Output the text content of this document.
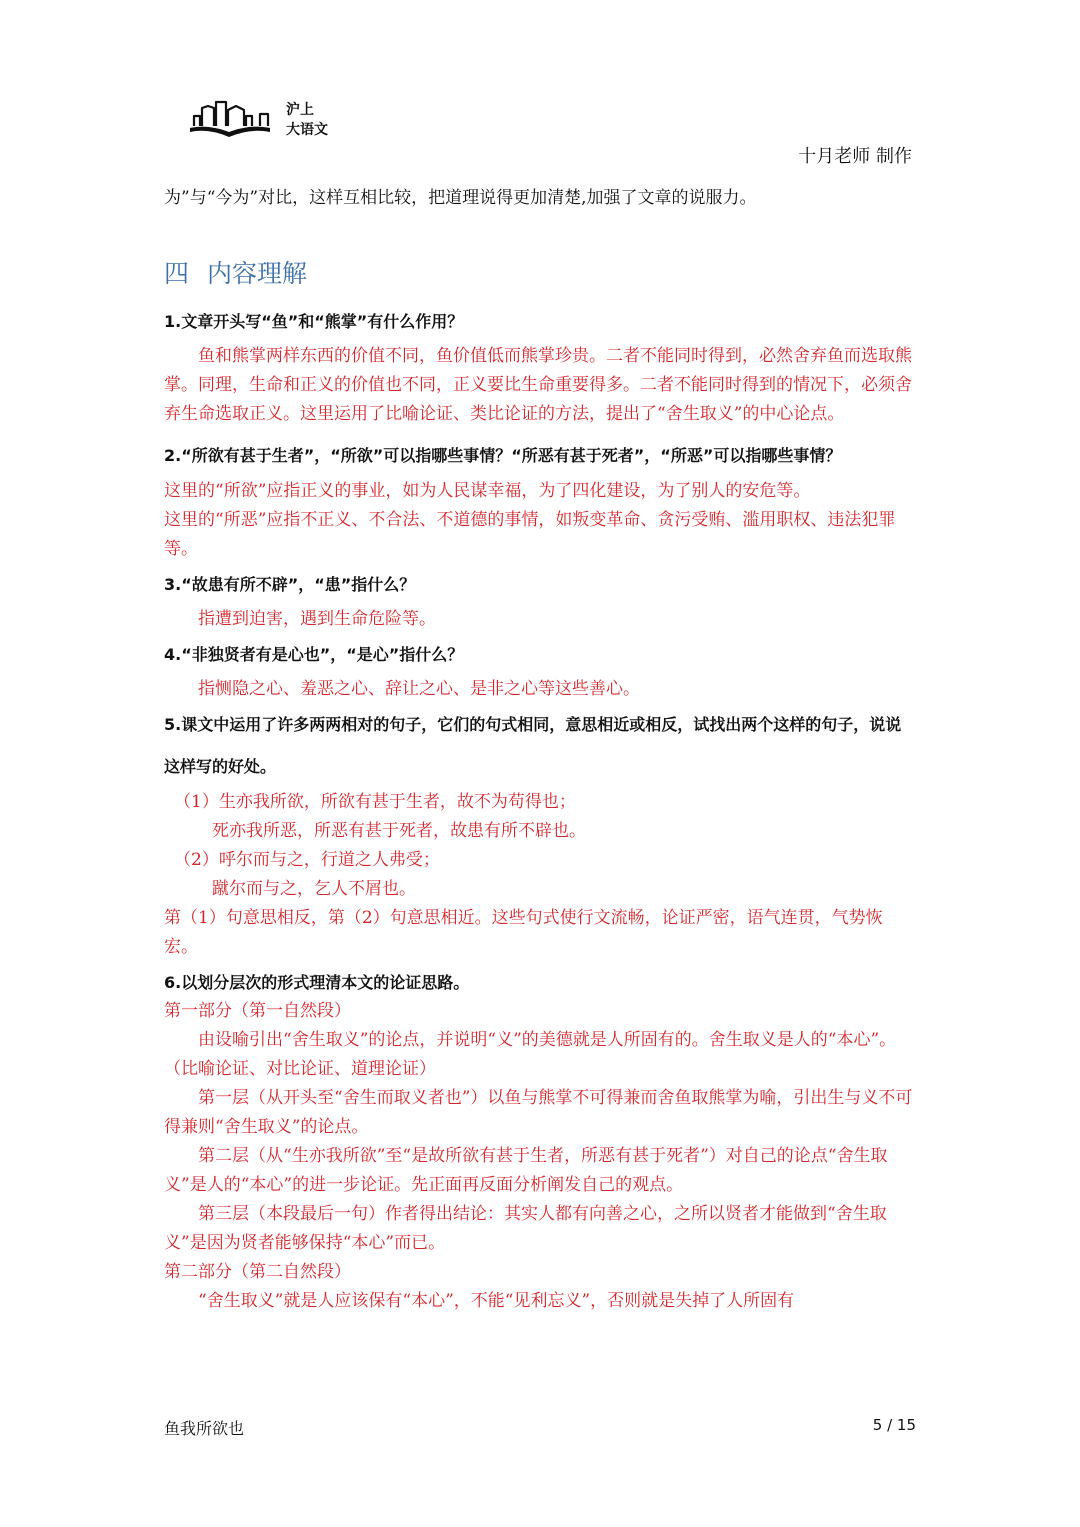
沪上
大语文
十月老师 制作

为”与“今为”对比，这样互相比较，把道理说得更加清楚,加强了文章的说服力。

四 内容理解

1.文章开头写“鱼”和“熊掌”有什么作用？

鱼和熊掌两样东西的价值不同，鱼价值低而熊掌珍贵。二者不能同时得到，必然舍弃鱼而选取熊掌。同理，生命和正义的价值也不同，正义要比生命重要得多。二者不能同时得到的情况下，必须舍弃生命选取正义。这里运用了比喻论证、类比论证的方法，提出了“舍生取义”的中心论点。

2.“所欲有甚于生者”，“所欲”可以指哪些事情？“所恶有甚于死者”，“所恶”可以指哪些事情？

这里的“所欲”应指正义的事业，如为人民谋幸福，为了四化建设，为了别人的安危等。

这里的“所恶”应指不正义、不合法、不道德的事情，如叛变革命、贪污受贿、滥用职权、违法犯罪等。

3.“故患有所不辟”，“患”指什么？

指遭到迫害，遇到生命危险等。

4.“非独贤者有是心也”，“是心”指什么？

指恻隐之心、羞恶之心、辞让之心、是非之心等这些善心。

5.课文中运用了许多两两相对的句子，它们的句式相同，意思相近或相反，试找出两个这样的句子，说说这样写的好处。

（1）生亦我所欲，所欲有甚于生者，故不为苟得也；

死亦我所恶，所恶有甚于死者，故患有所不辟也。

（2）呼尔而与之，行道之人弗受；

蹴尔而与之，乞人不屑也。

第（1）句意思相反，第（2）句意思相近。这些句式使行文流畅，论证严密，语气连贯，气势恢宏。

6.以划分层次的形式理清本文的论证思路。

第一部分（第一自然段）

由设喻引出“舍生取义”的论点，并说明“义”的美德就是人所固有的。舍生取义是人的“本心”。（比喻论证、对比论证、道理论证）

第一层（从开头至“舍生而取义者也”）以鱼与熊掌不可得兼而舍鱼取熊掌为喻，引出生与义不可得兼则“舍生取义”的论点。

第二层（从“生亦我所欲”至“是故所欲有甚于生者，所恶有甚于死者”）对自己的论点“舍生取义”是人的“本心”的进一步论证。先正面再反面分析阐发自己的观点。

第三层（本段最后一句）作者得出结论：其实人都有向善之心，之所以贤者才能做到“舍生取义”是因为贤者能够保持“本心”而已。

第二部分（第二自然段）

“舍生取义”就是人应该保有“本心”，不能“见利忘义”，否则就是失掉了人所固有

鱼我所欲也	5 / 15
